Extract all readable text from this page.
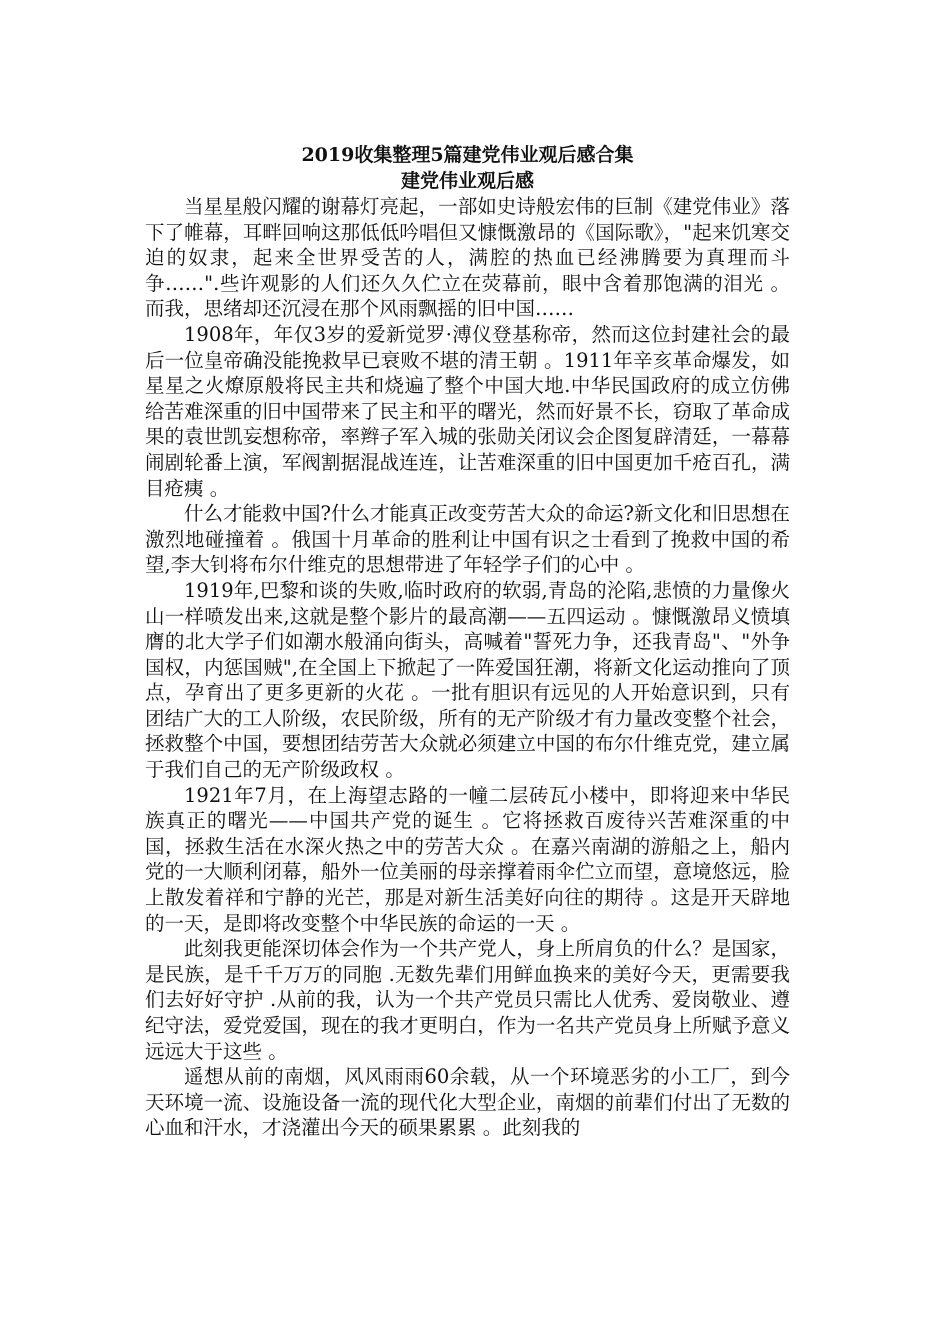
2019收集整理5篇建党伟业观后感合集
建党伟业观后感

当星星般闪耀的谢幕灯亮起，一部如史诗般宏伟的巨制《建党伟业》落下了帷幕，耳畔回响这那低低吟唱但又慷慨激昂的《国际歌》，"起来饥寒交迫的奴隶，起来全世界受苦的人，满腔的热血已经沸腾要为真理而斗争……".些许观影的人们还久久伫立在荧幕前，眼中含着那饱满的泪光 。而我，思绪却还沉浸在那个风雨飘摇的旧中国……

1908年，年仅3岁的爱新觉罗·溥仪登基称帝，然而这位封建社会的最后一位皇帝确没能挽救早已衰败不堪的清王朝 。1911年辛亥革命爆发，如星星之火燎原般将民主共和烧遍了整个中国大地.中华民国政府的成立仿佛给苦难深重的旧中国带来了民主和平的曙光，然而好景不长，窃取了革命成果的袁世凯妄想称帝，率辫子军入城的张勋关闭议会企图复辟清廷，一幕幕闹剧轮番上演，军阀割据混战连连，让苦难深重的旧中国更加千疮百孔，满目疮痍 。

什么才能救中国?什么才能真正改变劳苦大众的命运?新文化和旧思想在激烈地碰撞着 。俄国十月革命的胜利让中国有识之士看到了挽救中国的希望,李大钊将布尔什维克的思想带进了年轻学子们的心中 。

1919年,巴黎和谈的失败,临时政府的软弱,青岛的沦陷,悲愤的力量像火山一样喷发出来,这就是整个影片的最高潮——五四运动 。慷慨激昂义愤填膺的北大学子们如潮水般涌向街头，高喊着"誓死力争，还我青岛"、"外争国权，内惩国贼",在全国上下掀起了一阵爱国狂潮，将新文化运动推向了顶点，孕育出了更多更新的火花 。一批有胆识有远见的人开始意识到，只有团结广大的工人阶级，农民阶级，所有的无产阶级才有力量改变整个社会，拯救整个中国，要想团结劳苦大众就必须建立中国的布尔什维克党，建立属于我们自己的无产阶级政权 。

1921年7月，在上海望志路的一幢二层砖瓦小楼中，即将迎来中华民族真正的曙光——中国共产党的诞生 。它将拯救百废待兴苦难深重的中国，拯救生活在水深火热之中的劳苦大众 。在嘉兴南湖的游船之上，船内党的一大顺利闭幕，船外一位美丽的母亲撑着雨伞伫立而望，意境悠远，脸上散发着祥和宁静的光芒，那是对新生活美好向往的期待 。这是开天辟地的一天，是即将改变整个中华民族的命运的一天 。

此刻我更能深切体会作为一个共产党人，身上所肩负的什么？是国家，是民族，是千千万万的同胞 .无数先辈们用鲜血换来的美好今天，更需要我们去好好守护 .从前的我，认为一个共产党员只需比人优秀、爱岗敬业、遵纪守法，爱党爱国，现在的我才更明白，作为一名共产党员身上所赋予意义远远大于这些 。

遥想从前的南烟，风风雨雨60余载，从一个环境恶劣的小工厂，到今天环境一流、设施设备一流的现代化大型企业，南烟的前辈们付出了无数的心血和汗水，才浇灌出今天的硕果累累 。此刻我的
